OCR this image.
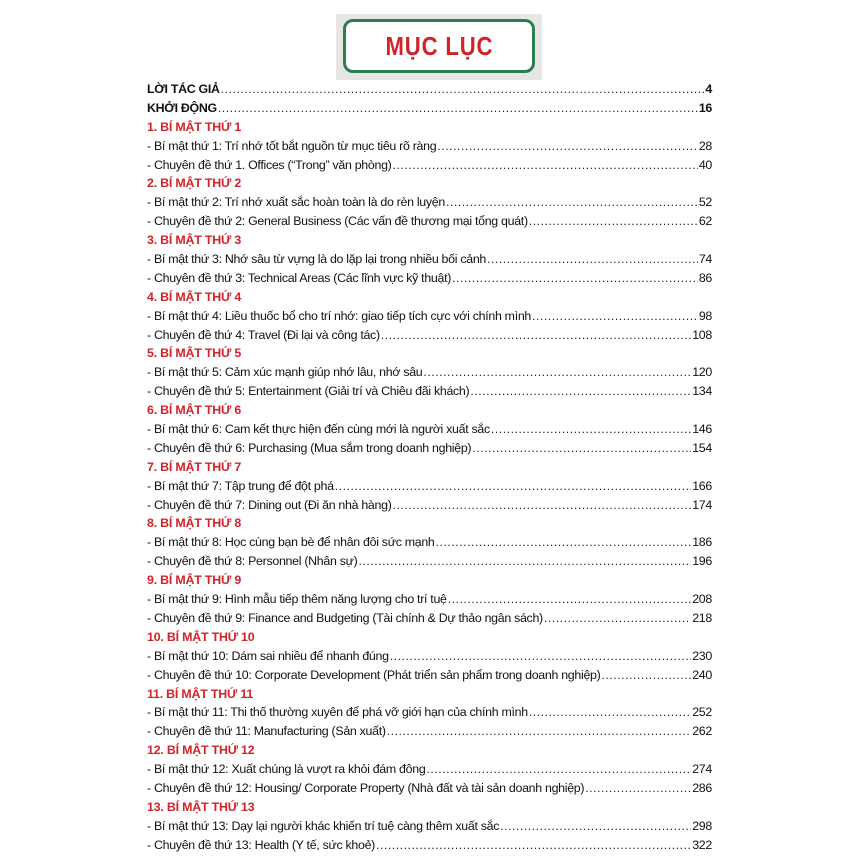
MỤC LỤC
LỜI TÁC GIẢ .....	4
KHỞI ĐỘNG .....	16
1. BÍ MẬT THỨ 1
- Bí mật thứ 1: Trí nhớ tốt bắt nguồn từ mục tiêu rõ ràng .....	28
- Chuyên đề thứ 1. Offices (“Trong” văn phòng) .....	40
2. BÍ MẬT THỨ 2
- Bí mật thứ 2: Trí nhớ xuất sắc hoàn toàn là do rèn luyện .....	52
- Chuyên đề thứ 2: General Business (Các vấn đề thương mại tổng quát) .....	62
3. BÍ MẬT THỨ 3
- Bí mật thứ 3: Nhớ sâu từ vựng là do lặp lại trong nhiều bối cảnh .....	74
- Chuyên đề thứ 3: Technical Areas (Các lĩnh vực kỹ thuật) .....	86
4. BÍ MẬT THỨ 4
- Bí mật thứ 4: Liều thuốc bổ cho trí nhớ: giao tiếp tích cực với chính mình .....	98
- Chuyên đề thứ 4: Travel (Đi lại và công tác) .....	108
5. BÍ MẬT THỨ 5
- Bí mật thứ 5: Cảm xúc mạnh giúp nhớ lâu, nhớ sâu .....	120
- Chuyên đề thứ 5: Entertainment (Giải trí và Chiêu đãi khách) .....	134
6. BÍ MẬT THỨ 6
- Bí mật thứ 6: Cam kết thực hiện đến cùng mới là người xuất sắc .....	146
- Chuyên đề thứ 6: Purchasing (Mua sắm trong doanh nghiệp) .....	154
7. BÍ MẬT THỨ 7
- Bí mật thứ 7: Tập trung để đột phá .....	166
- Chuyên đề thứ 7: Dining out (Đi ăn nhà hàng) .....	174
8. BÍ MẬT THỨ 8
- Bí mật thứ 8: Học cùng bạn bè để nhân đôi sức mạnh .....	186
- Chuyên đề thứ 8: Personnel (Nhân sự) .....	196
9. BÍ MẬT THỨ 9
- Bí mật thứ 9: Hình mẫu tiếp thêm năng lượng cho trí tuệ .....	208
- Chuyên đề thứ 9: Finance and Budgeting (Tài chính & Dự thảo ngân sách) .....	218
10. BÍ MẬT THỨ 10
- Bí mật thứ 10: Dám sai nhiều để nhanh đúng .....	230
- Chuyên đề thứ 10: Corporate Development (Phát triển sản phẩm trong doanh nghiệp) .....	240
11. BÍ MẬT THỨ 11
- Bí mật thứ 11: Thi thố thường xuyên để phá vỡ giới hạn của chính mình .....	252
- Chuyên đề thứ 11: Manufacturing (Sản xuất) .....	262
12. BÍ MẬT THỨ 12
- Bí mật thứ 12: Xuất chúng là vượt ra khỏi đám đông .....	274
- Chuyên đề thứ 12: Housing/ Corporate Property (Nhà đất và tài sản doanh nghiệp) .....	286
13. BÍ MẬT THỨ 13
- Bí mật thứ 13: Dạy lại người khác khiến trí tuệ càng thêm xuất sắc .....	298
- Chuyên đề thứ 13: Health (Y tế, sức khoẻ) .....	322
